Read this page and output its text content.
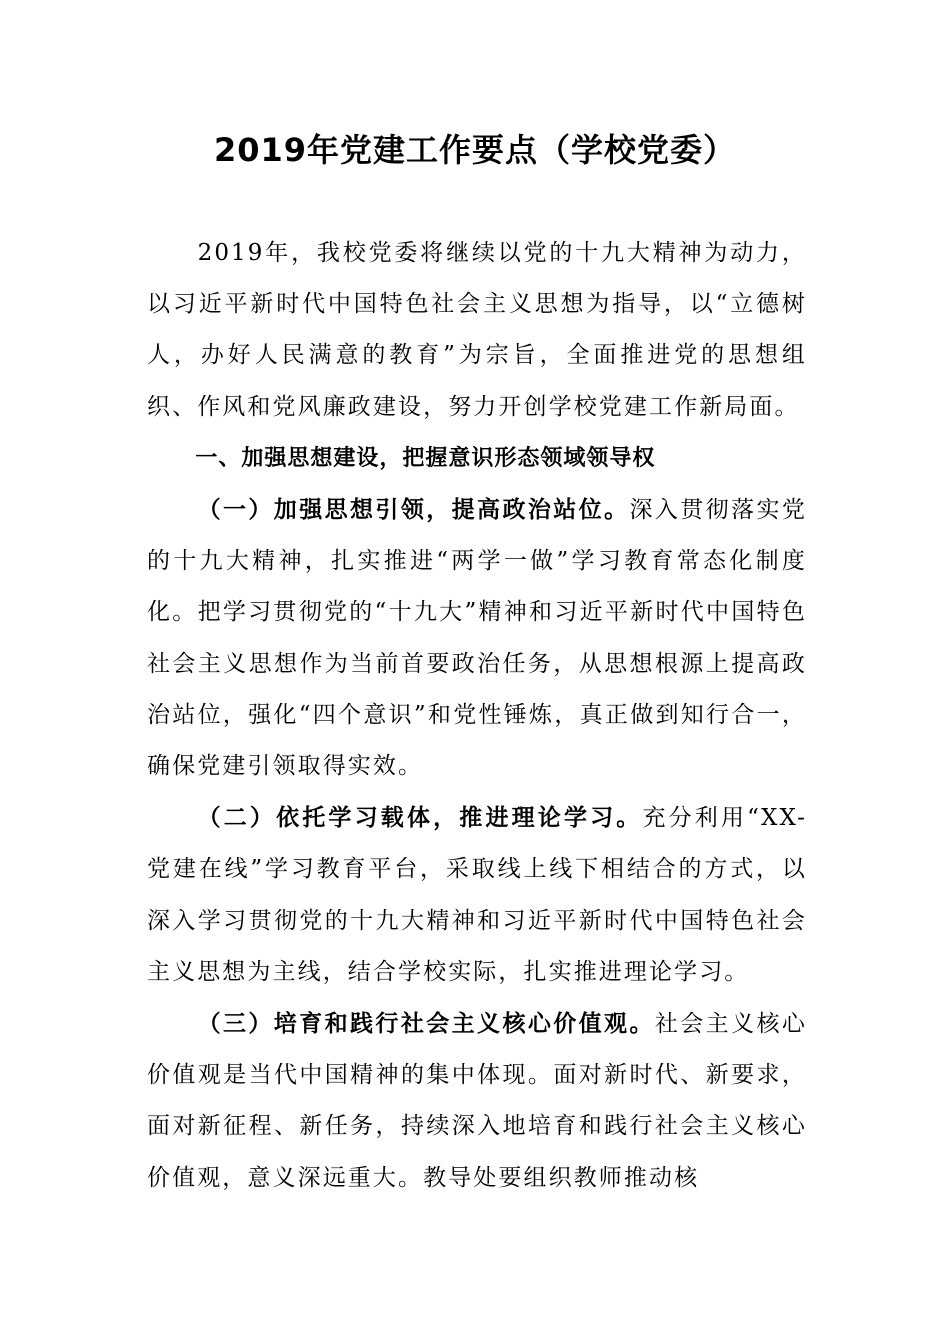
2019年党建工作要点（学校党委）

2019年，我校党委将继续以党的十九大精神为动力，以习近平新时代中国特色社会主义思想为指导，以“立德树人，办好人民满意的教育”为宗旨，全面推进党的思想组织、作风和党风廉政建设，努力开创学校党建工作新局面。

一、加强思想建设，把握意识形态领域领导权

（一）加强思想引领，提高政治站位。深入贯彻落实党的十九大精神，扎实推进“两学一做”学习教育常态化制度化。把学习贯彻党的“十九大”精神和习近平新时代中国特色社会主义思想作为当前首要政治任务，从思想根源上提高政治站位，强化“四个意识”和党性锤炼，真正做到知行合一，确保党建引领取得实效。

（二）依托学习载体，推进理论学习。充分利用“XX-党建在线”学习教育平台，采取线上线下相结合的方式，以深入学习贯彻党的十九大精神和习近平新时代中国特色社会主义思想为主线，结合学校实际，扎实推进理论学习。

（三）培育和践行社会主义核心价值观。社会主义核心价值观是当代中国精神的集中体现。面对新时代、新要求，面对新征程、新任务，持续深入地培育和践行社会主义核心价值观，意义深远重大。教导处要组织教师推动核
